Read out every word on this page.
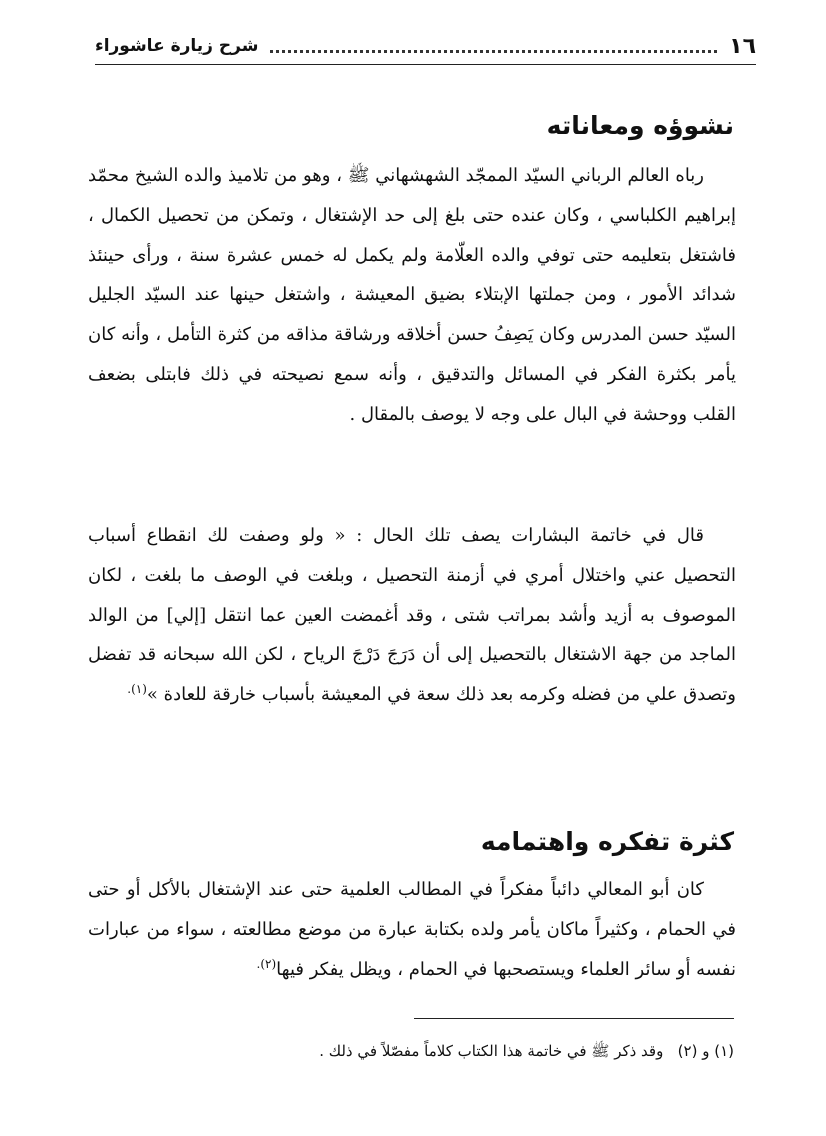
١٦
شرح زيارة عاشوراء
نشوؤه ومعاناته

رباه العالم الرباني السيّد الممجّد الشهشهاني ﷺ ، وهو من تلاميذ والده الشيخ محمّد إبراهيم الكلباسي ، وكان عنده حتى بلغ إلى حد الإشتغال ، وتمكن من تحصيل الكمال ، فاشتغل بتعليمه حتى توفي والده العلّامة ولم يكمل له خمس عشرة سنة ، ورأى حينئذ شدائد الأمور ، ومن جملتها الإبتلاء بضيق المعيشة ، واشتغل حينها عند السيّد الجليل السيّد حسن المدرس وكان يَصِفُ حسن أخلاقه ورشاقة مذاقه من كثرة التأمل ، وأنه كان يأمر بكثرة الفكر في المسائل والتدقيق ، وأنه سمع نصيحته في ذلك فابتلى بضعف القلب ووحشة في البال على وجه لا يوصف بالمقال .

قال في خاتمة البشارات يصف تلك الحال : « ولو وصفت لك انقطاع أسباب التحصيل عني واختلال أمري في أزمنة التحصيل ، وبلغت في الوصف ما بلغت ، لكان الموصوف به أزيد وأشد بمراتب شتى ، وقد أغمضت العين عما انتقل [إلي] من الوالد الماجد من جهة الاشتغال بالتحصيل إلى أن دَرَجَ دَرْجَ الرياح ، لكن الله سبحانه قد تفضل وتصدق علي من فضله وكرمه بعد ذلك سعة في المعيشة بأسباب خارقة للعادة »$^{(١).}$

كثرة تفكره واهتمامه

كان أبو المعالي دائباً مفكراً في المطالب العلمية حتى عند الإشتغال بالأكل أو حتى في الحمام ، وكثيراً ماكان يأمر ولده بكتابة عبارة من موضع مطالعته ، سواء من عبارات نفسه أو سائر العلماء ويستصحبها في الحمام ، ويظل يفكر فيها$^{(٢).}$

(١) و (٢)   وقد ذكر ﷺ في خاتمة هذا الكتاب كلاماً مفصّلاً في ذلك .
